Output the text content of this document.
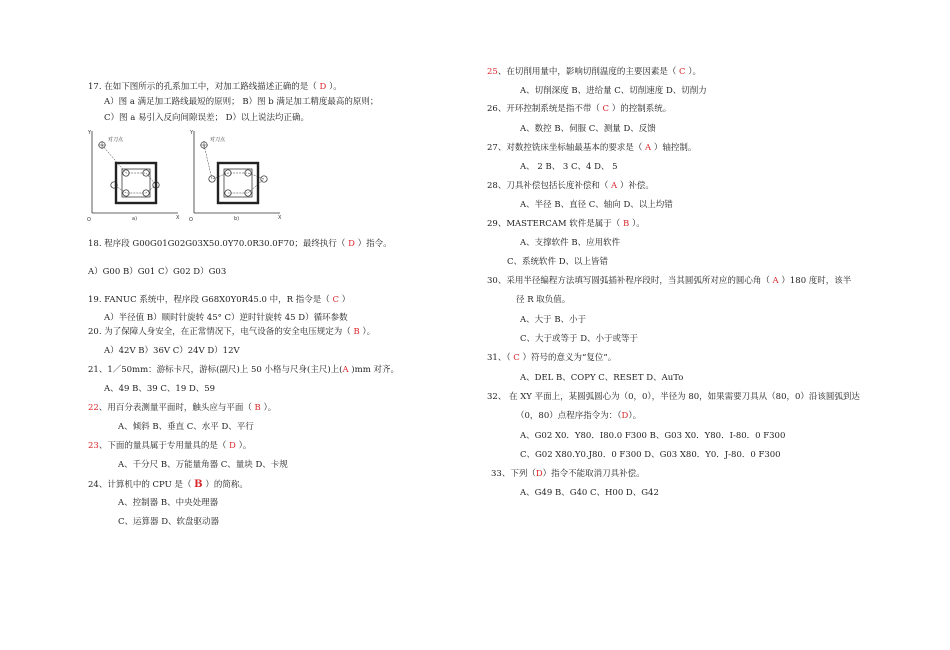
17. 在如下图所示的孔系加工中，对加工路线描述正确的是（ D ）。
A）图 a 满足加工路线最短的原则； B）图 b 满足加工精度最高的原则；
C）图 a 易引入反向间隙误差； D）以上说法均正确。
Y
X
O
对刀点
a)
Y
X
O
对刀点
b)
18. 程序段 G00G01G02G03X50.0Y70.0R30.0F70；最终执行（ D ）指令。
A）G00 B）G01 C）G02 D）G03
19. FANUC 系统中，程序段 G68X0Y0R45.0 中，R 指令是（ C ）
A）半径值 B）顺时针旋转 45° C）逆时针旋转 45 D）循环参数
20. 为了保障人身安全，在正常情况下，电气设备的安全电压规定为（ B ）。
A）42V B）36V C）24V D）12V
21、1／50mm：游标卡尺，游标(副尺)上 50 小格与尺身(主尺)上(A )mm 对齐。
A、49 B、39 C、19 D、59
22、用百分表测量平面时，触头应与平面（ B ）。
A、倾斜 B、垂直 C、水平 D、平行
23、下面的量具属于专用量具的是（ D ）。
A、千分尺 B、万能量角器 C、量块 D、卡规
24、计算机中的 CPU 是（ B ）的简称。
A、控制器 B、中央处理器
C、运算器 D、软盘驱动器
25、在切削用量中，影响切削温度的主要因素是（ C ）。
A、切削深度 B、进给量 C、切削速度 D、切削力
26、开环控制系统是指不带（ C ）的控制系统。
A、数控 B、伺服 C、测量 D、反馈
27、对数控铣床坐标轴最基本的要求是（ A ）轴控制。
A、 2 B、 3 C、4 D、 5
28、刀具补偿包括长度补偿和（ A ）补偿。
A、半径 B、直径 C、轴向 D、以上均错
29、MASTERCAM 软件是属于（ B ）。
A、支撑软件 B、应用软件
C、系统软件 D、以上皆错
30、采用半径编程方法填写圆弧插补程序段时，当其圆弧所对应的圆心角（ A ）180 度时，该半
径 R 取负值。
A、大于 B、小于
C、大于或等于 D、小于或等于
31、（ C ）符号的意义为“复位”。
A、DEL B、COPY C、RESET D、AuTo
32、 在 XY 平面上，某圆弧圆心为（0，0），半径为 80，如果需要刀具从（80，0）沿该圆弧到达
（0，80）点程序指令为：（D）。
A、G02 X0．Y80．I80.0 F300 B、G03 X0．Y80．I-80．0 F300
C、G02 X80.Y0.J80．0 F300 D、G03 X80．Y0．J-80．0 F300
33、下列（D）指令不能取消刀具补偿。
A、G49 B、G40 C、H00 D、G42
